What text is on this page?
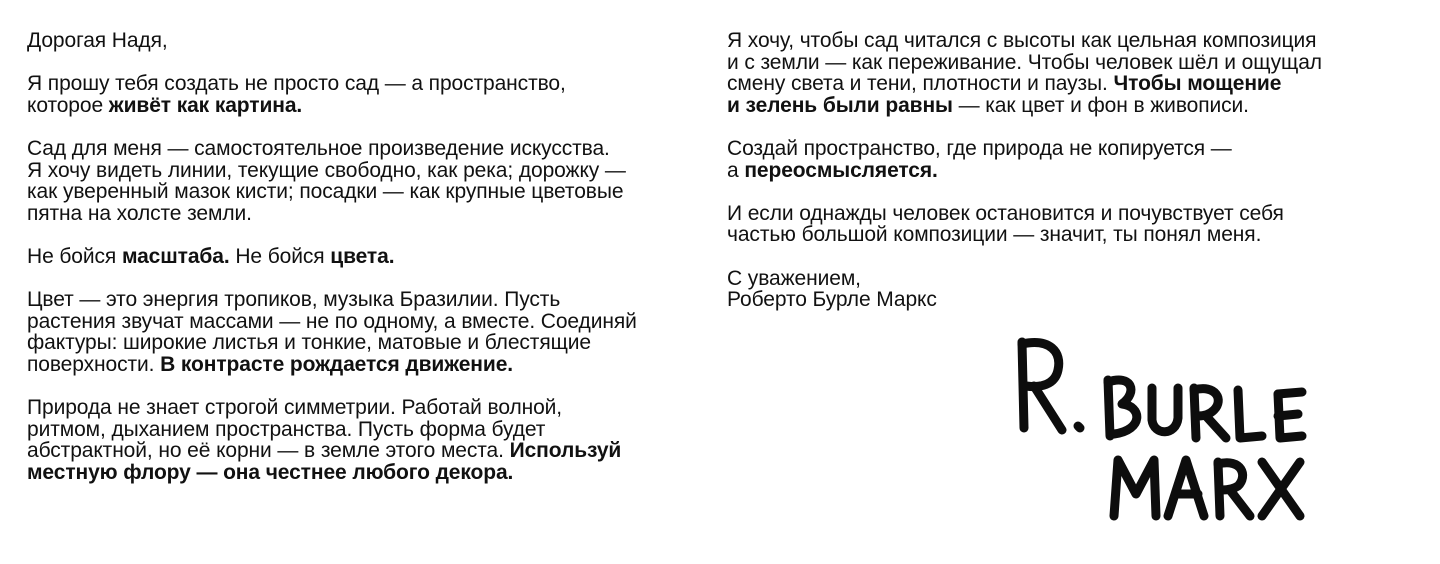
Дорогая Надя,

Я прошу тебя создать не просто сад — а пространство,
которое живёт как картина.

Сад для меня — самостоятельное произведение искусства.
Я хочу видеть линии, текущие свободно, как река; дорожку —
как уверенный мазок кисти; посадки — как крупные цветовые
пятна на холсте земли.

Не бойся масштаба. Не бойся цвета.

Цвет — это энергия тропиков, музыка Бразилии. Пусть
растения звучат массами — не по одному, а вместе. Соединяй
фактуры: широкие листья и тонкие, матовые и блестящие
поверхности. В контрасте рождается движение.

Природа не знает строгой симметрии. Работай волной,
ритмом, дыханием пространства. Пусть форма будет
абстрактной, но её корни — в земле этого места. Используй
местную флору — она честнее любого декора.

Я хочу, чтобы сад читался с высоты как цельная композиция
и с земли — как переживание. Чтобы человек шёл и ощущал
смену света и тени, плотности и паузы. Чтобы мощение
и зелень были равны — как цвет и фон в живописи.

Создай пространство, где природа не копируется —
а переосмысляется.

И если однажды человек остановится и почувствует себя
частью большой композиции — значит, ты понял меня.

С уважением,
Роберто Бурле Маркс
